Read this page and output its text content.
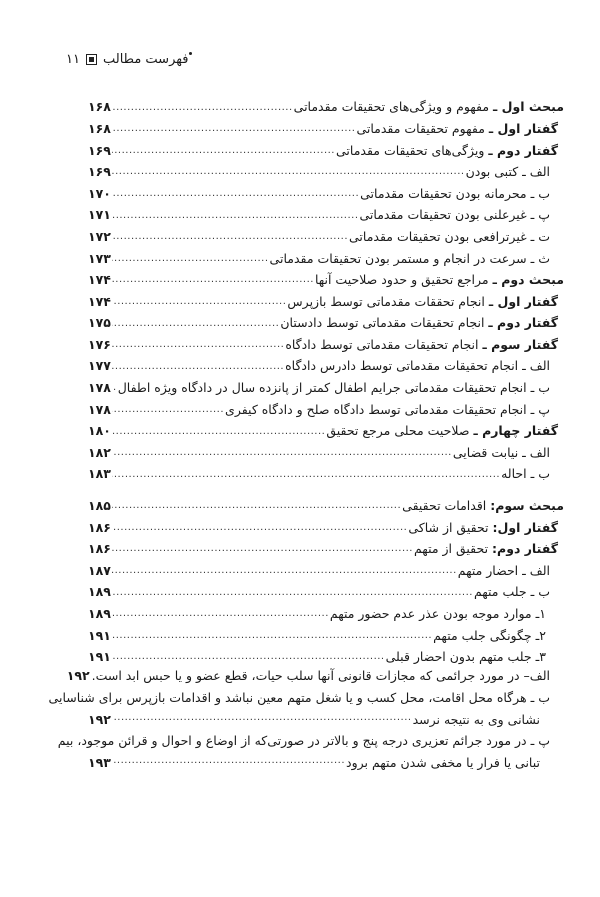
۱۱ فهرست مطالب
مبحث اول ـ مفهوم و ویژگی‌های تحقیقات مقدماتی
.....
۱۶۸
گفتار اول ـ مفهوم تحقیقات مقدماتی
.....
۱۶۸
گفتار دوم ـ ویژگی‌های تحقیقات مقدماتی
.....
۱۶۹
الف ـ کتبی بودن
.....
۱۶۹
ب ـ محرمانه بودن تحقیقات مقدماتی
.....
۱۷۰
پ ـ غیرعلنی بودن تحقیقات مقدماتی
.....
۱۷۱
ت ـ غیرترافعی بودن تحقیقات مقدماتی
.....
۱۷۲
ث ـ سرعت در انجام و مستمر بودن تحقیقات مقدماتی
.....
۱۷۳
مبحث دوم ـ مراجع تحقیق و حدود صلاحیت آنها
.....
۱۷۴
گفتار اول ـ انجام تحققات مقدماتی توسط بازپرس
.....
۱۷۴
گفتار دوم ـ انجام تحقیقات مقدماتی توسط دادستان
.....
۱۷۵
گفتار سوم ـ انجام تحقیقات مقدماتی توسط دادگاه
.....
۱۷۶
الف ـ انجام تحقیقات مقدماتی توسط دادرس دادگاه
.....
۱۷۷
ب ـ انجام تحقیقات مقدماتی جرایم اطفال کمتر از پانزده سال در دادگاه ویژه اطفال
.....
۱۷۸
پ ـ انجام تحقیقات مقدماتی توسط دادگاه صلح و دادگاه کیفری
.....
۱۷۸
گفتار چهارم ـ صلاحیت محلی مرجع تحقیق
.....
۱۸۰
الف ـ نیابت قضایی
.....
۱۸۲
ب ـ احاله
.....
۱۸۳
مبحث سوم: اقدامات تحقیقی
.....
۱۸۵
گفتار اول: تحقیق از شاکی
.....
۱۸۶
گفتار دوم: تحقیق از متهم
.....
۱۸۶
الف ـ احضار متهم
.....
۱۸۷
ب ـ جلب متهم
.....
۱۸۹
۱ـ موارد موجه بودن عذر عدم حضور متهم
.....
۱۸۹
۲ـ چگونگی جلب متهم
.....
۱۹۱
۳ـ جلب متهم بدون احضار قبلی
.....
۱۹۱
الف– در مورد جرائمی که مجازات قانونی آنها سلب حیات، قطع عضو و یا حبس ابد است.
۱۹۲
ب ـ هرگاه محل اقامت، محل کسب و یا شغل متهم معین نباشد و اقدامات بازپرس برای شناسایی
نشانی وی به نتیجه نرسد
.....
۱۹۲
پ ـ در مورد جرائم تعزیری درجه پنج و بالاتر در صورتی‌که از اوضاع و احوال و قرائن موجود، بیم
تبانی یا فرار یا مخفی شدن متهم برود
.....
۱۹۳
